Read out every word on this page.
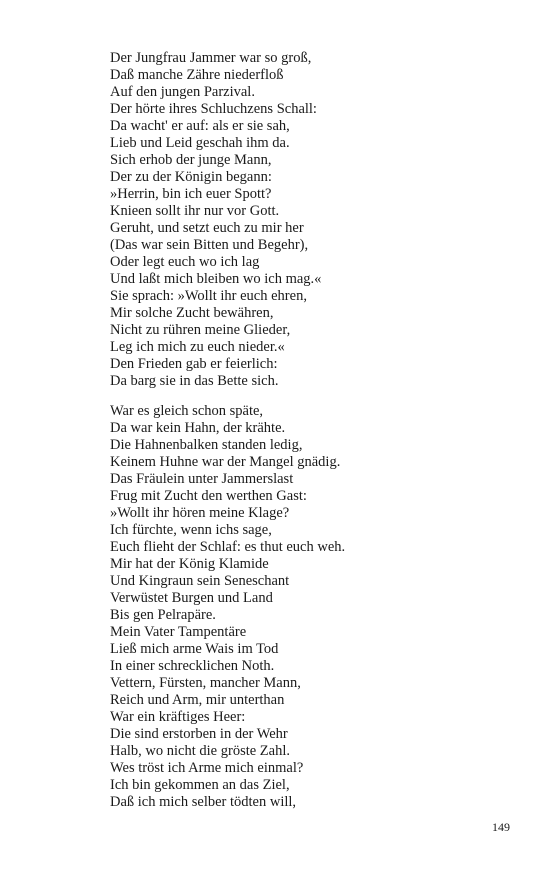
Der Jungfrau Jammer war so groß,
Daß manche Zähre niederfloß
Auf den jungen Parzival.
Der hörte ihres Schluchzens Schall:
Da wacht' er auf: als er sie sah,
Lieb und Leid geschah ihm da.
Sich erhob der junge Mann,
Der zu der Königin begann:
»Herrin, bin ich euer Spott?
Knieen sollt ihr nur vor Gott.
Geruht, und setzt euch zu mir her
(Das war sein Bitten und Begehr),
Oder legt euch wo ich lag
Und laßt mich bleiben wo ich mag.«
Sie sprach: »Wollt ihr euch ehren,
Mir solche Zucht bewähren,
Nicht zu rühren meine Glieder,
Leg ich mich zu euch nieder.«
Den Frieden gab er feierlich:
Da barg sie in das Bette sich.
War es gleich schon späte,
Da war kein Hahn, der krähte.
Die Hahnenbalken standen ledig,
Keinem Huhne war der Mangel gnädig.
Das Fräulein unter Jammerslast
Frug mit Zucht den werthen Gast:
»Wollt ihr hören meine Klage?
Ich fürchte, wenn ichs sage,
Euch flieht der Schlaf: es thut euch weh.
Mir hat der König Klamide
Und Kingraun sein Seneschant
Verwüstet Burgen und Land
Bis gen Pelrapäre.
Mein Vater Tampentäre
Ließ mich arme Wais im Tod
In einer schrecklichen Noth.
Vettern, Fürsten, mancher Mann,
Reich und Arm, mir unterthan
War ein kräftiges Heer:
Die sind erstorben in der Wehr
Halb, wo nicht die gröste Zahl.
Wes tröst ich Arme mich einmal?
Ich bin gekommen an das Ziel,
Daß ich mich selber tödten will,
149
